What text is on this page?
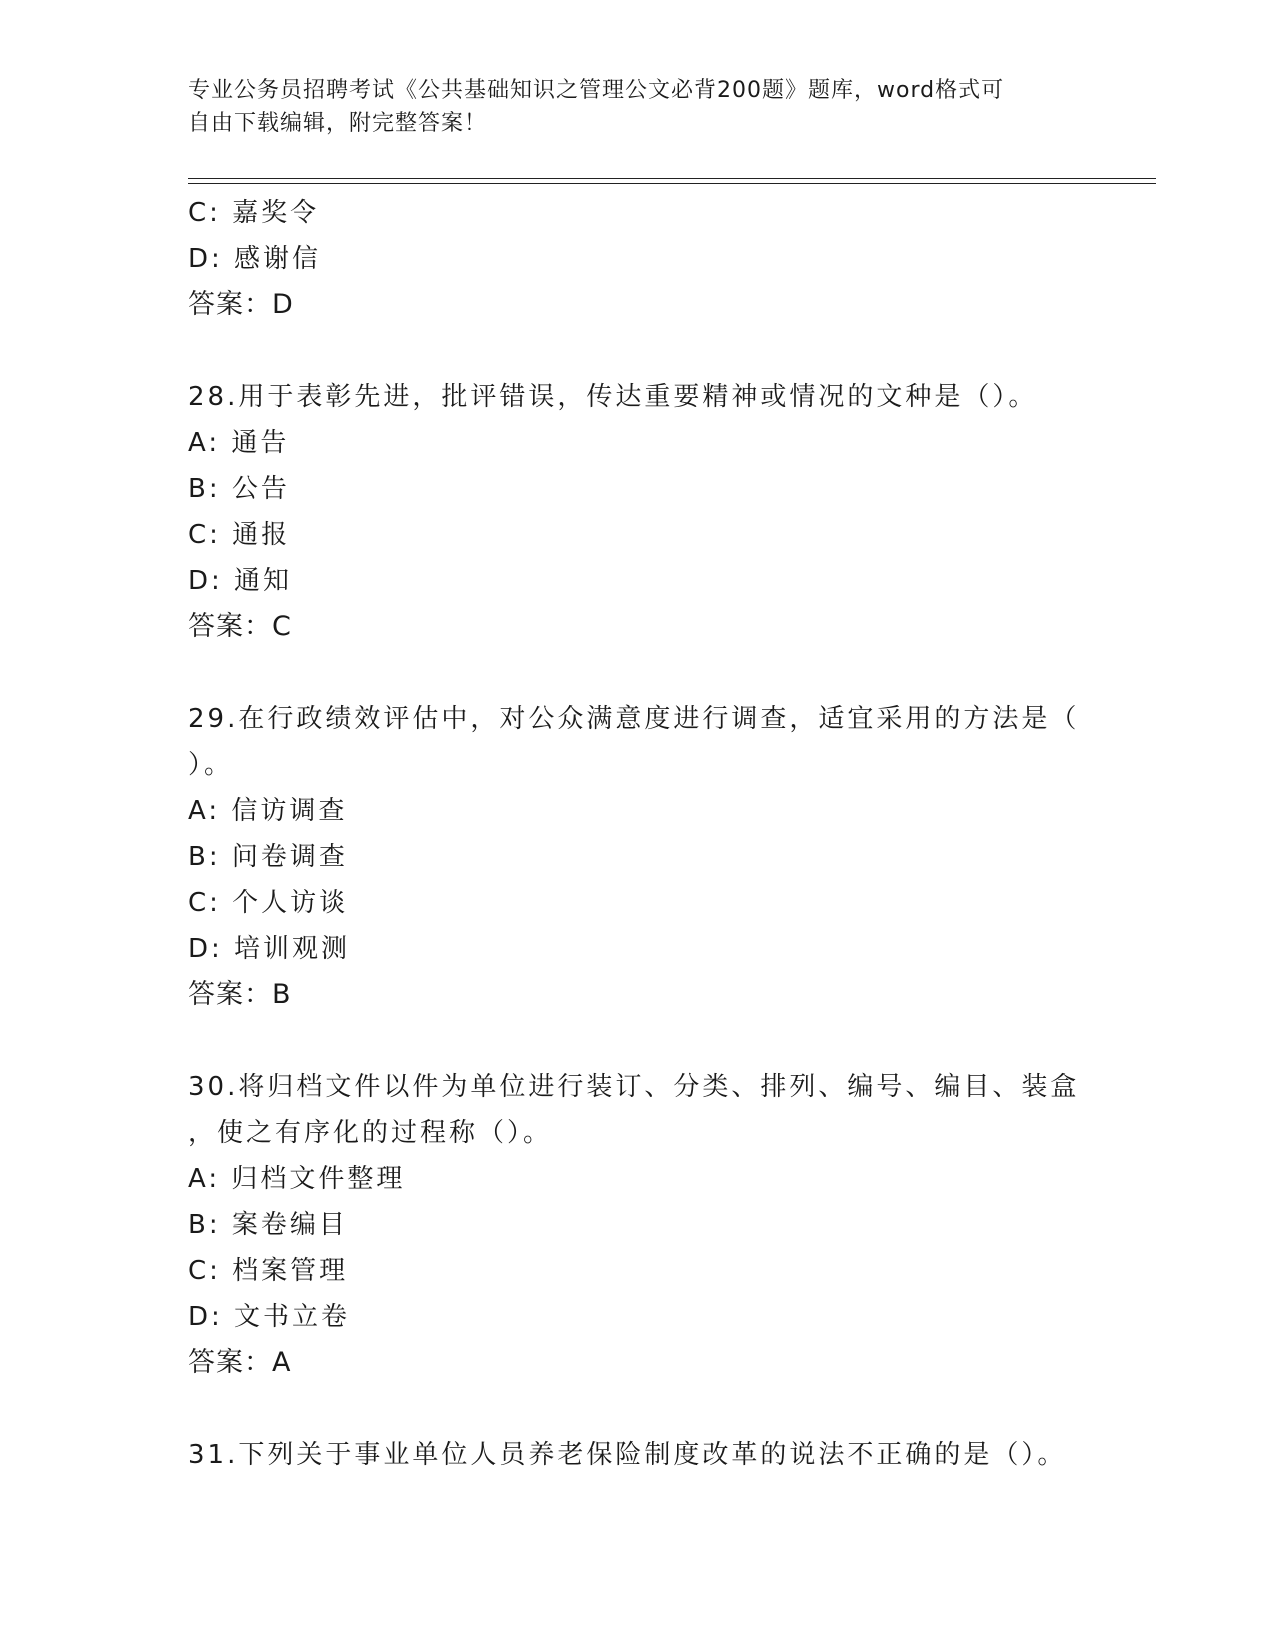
专业公务员招聘考试《公共基础知识之管理公文必背200题》题库，word格式可
自由下载编辑，附完整答案！
C: 嘉奖令
D: 感谢信
答案：D
28.用于表彰先进，批评错误，传达重要精神或情况的文种是（）。
A: 通告
B: 公告
C: 通报
D: 通知
答案：C
29.在行政绩效评估中，对公众满意度进行调查，适宜采用的方法是（
）。
A: 信访调查
B: 问卷调查
C: 个人访谈
D: 培训观测
答案：B
30.将归档文件以件为单位进行装订、分类、排列、编号、编目、装盒
，使之有序化的过程称（）。
A: 归档文件整理
B: 案卷编目
C: 档案管理
D: 文书立卷
答案：A
31.下列关于事业单位人员养老保险制度改革的说法不正确的是（）。
